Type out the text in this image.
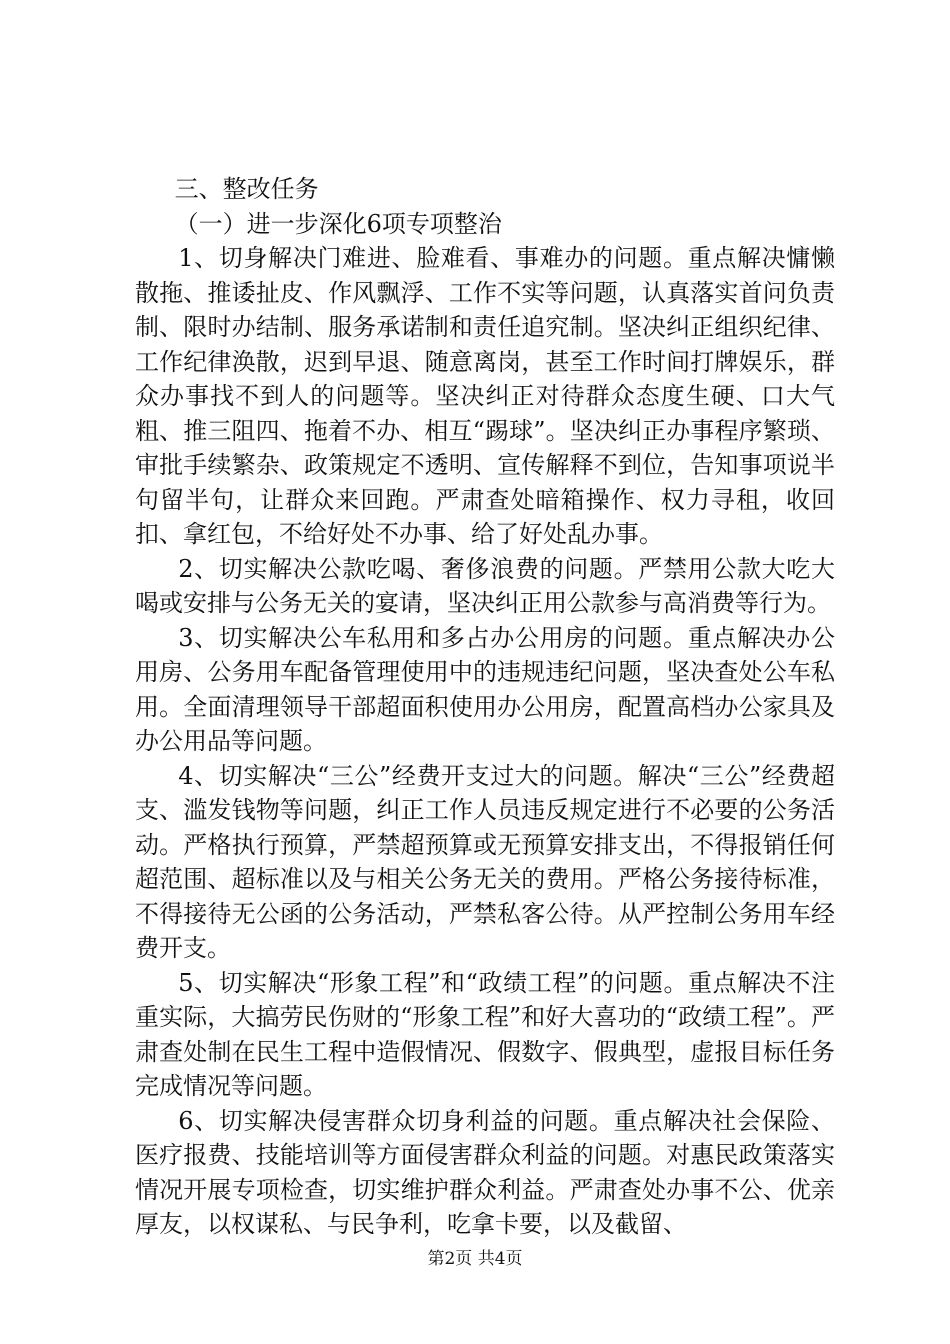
三、整改任务

（一）进一步深化6项专项整治

1、切身解决门难进、脸难看、事难办的问题。重点解决慵懒散拖、推诿扯皮、作风飘浮、工作不实等问题，认真落实首问负责制、限时办结制、服务承诺制和责任追究制。坚决纠正组织纪律、工作纪律涣散，迟到早退、随意离岗，甚至工作时间打牌娱乐，群众办事找不到人的问题等。坚决纠正对待群众态度生硬、口大气粗、推三阻四、拖着不办、相互“踢球”。坚决纠正办事程序繁琐、审批手续繁杂、政策规定不透明、宣传解释不到位，告知事项说半句留半句，让群众来回跑。严肃查处暗箱操作、权力寻租，收回扣、拿红包，不给好处不办事、给了好处乱办事。

2、切实解决公款吃喝、奢侈浪费的问题。严禁用公款大吃大喝或安排与公务无关的宴请，坚决纠正用公款参与高消费等行为。

3、切实解决公车私用和多占办公用房的问题。重点解决办公用房、公务用车配备管理使用中的违规违纪问题，坚决查处公车私用。全面清理领导干部超面积使用办公用房，配置高档办公家具及办公用品等问题。

4、切实解决“三公”经费开支过大的问题。解决“三公”经费超支、滥发钱物等问题，纠正工作人员违反规定进行不必要的公务活动。严格执行预算，严禁超预算或无预算安排支出，不得报销任何超范围、超标准以及与相关公务无关的费用。严格公务接待标准，不得接待无公函的公务活动，严禁私客公待。从严控制公务用车经费开支。

5、切实解决“形象工程”和“政绩工程”的问题。重点解决不注重实际，大搞劳民伤财的“形象工程”和好大喜功的“政绩工程”。严肃查处制在民生工程中造假情况、假数字、假典型，虚报目标任务完成情况等问题。

6、切实解决侵害群众切身利益的问题。重点解决社会保险、医疗报费、技能培训等方面侵害群众利益的问题。对惠民政策落实情况开展专项检查，切实维护群众利益。严肃查处办事不公、优亲厚友，以权谋私、与民争利，吃拿卡要，以及截留、

第2页 共4页
